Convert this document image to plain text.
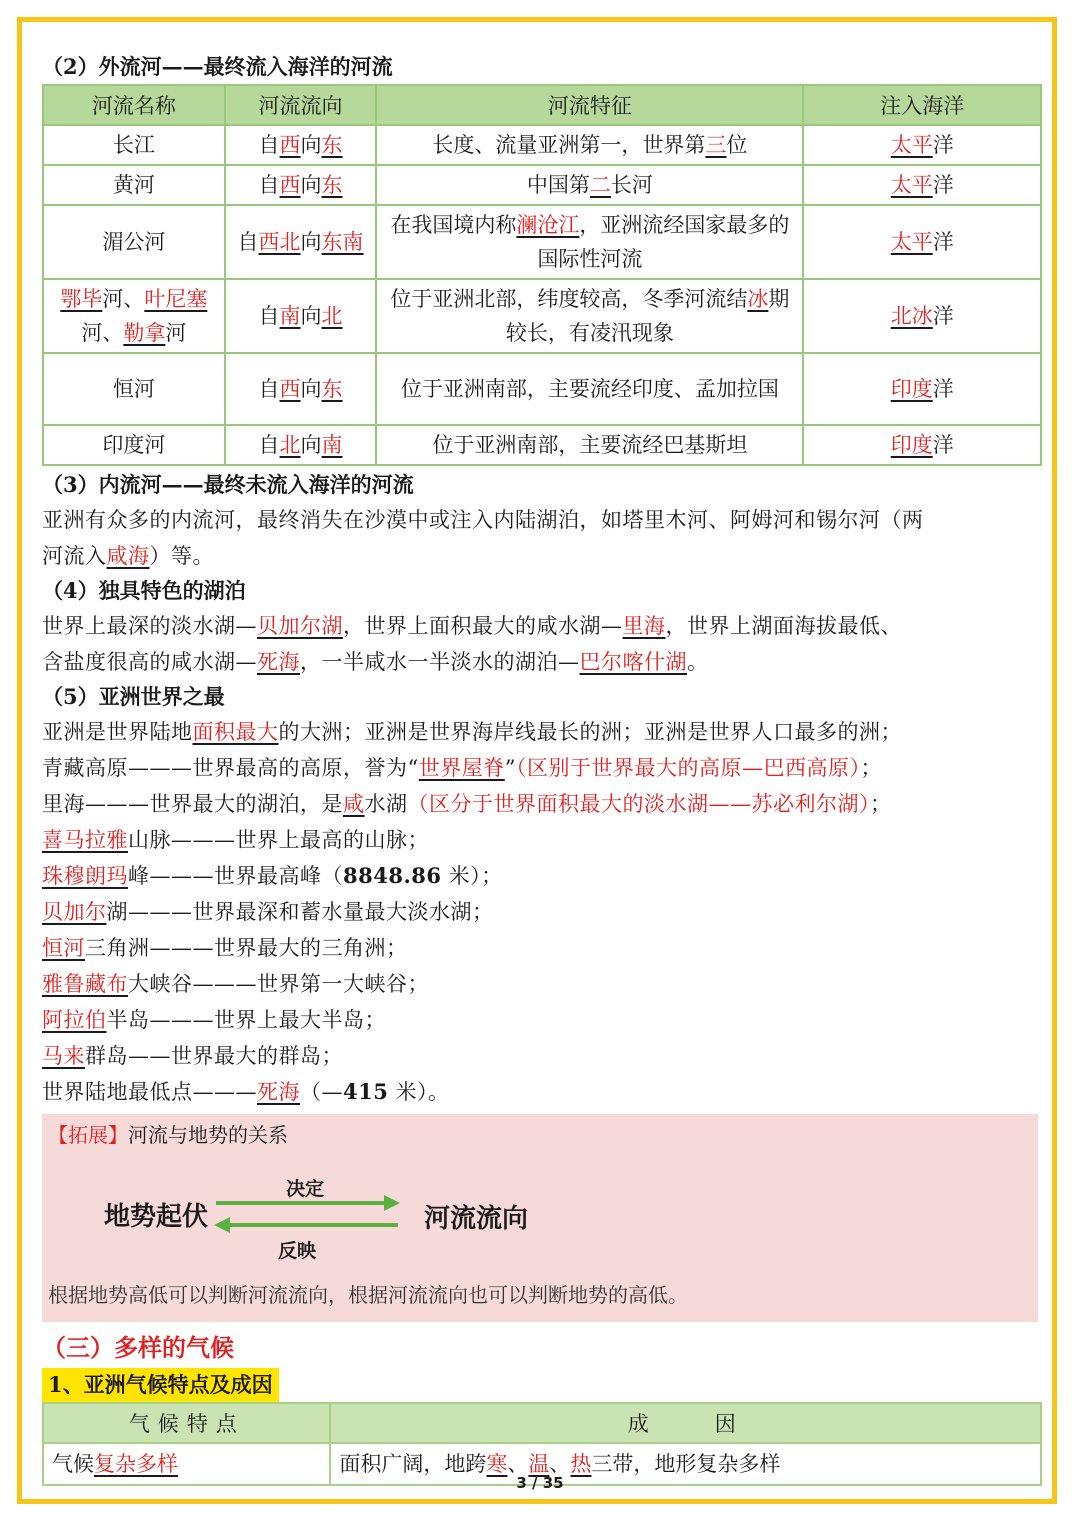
（2）外流河——最终流入海洋的河流
河流名称	河流流向	河流特征	注入海洋
长江	自西向东	长度、流量亚洲第一，世界第三位	太平洋
黄河	自西向东	中国第二长河	太平洋
湄公河	自西北向东南	在我国境内称澜沧江，亚洲流经国家最多的国际性河流	太平洋
鄂毕河、叶尼塞
河、勒拿河	自南向北	位于亚洲北部，纬度较高，冬季河流结冰期较长，有凌汛现象	北冰洋
恒河	自西向东	位于亚洲南部，主要流经印度、孟加拉国	印度洋
印度河	自北向南	位于亚洲南部，主要流经巴基斯坦	印度洋
（3）内流河——最终未流入海洋的河流
亚洲有众多的内流河，最终消失在沙漠中或注入内陆湖泊，如塔里木河、阿姆河和锡尔河（两
河流入咸海）等。
（4）独具特色的湖泊
世界上最深的淡水湖—贝加尔湖，世界上面积最大的咸水湖—里海，世界上湖面海拔最低、
含盐度很高的咸水湖—死海，一半咸水一半淡水的湖泊—巴尔喀什湖。
（5）亚洲世界之最
亚洲是世界陆地面积最大的大洲；亚洲是世界海岸线最长的洲；亚洲是世界人口最多的洲；
青藏高原———世界最高的高原，誉为“世界屋脊”（区别于世界最大的高原—巴西高原）；
里海———世界最大的湖泊，是咸水湖（区分于世界面积最大的淡水湖——苏必利尔湖）；
喜马拉雅山脉———世界上最高的山脉；
珠穆朗玛峰———世界最高峰（8848.86 米）；
贝加尔湖———世界最深和蓄水量最大淡水湖；
恒河三角洲———世界最大的三角洲；
雅鲁藏布大峡谷———世界第一大峡谷；
阿拉伯半岛———世界上最大半岛；
马来群岛——世界最大的群岛；
世界陆地最低点———死海（—415 米）。
【拓展】河流与地势的关系
地势起伏
决定
反映
河流流向
根据地势高低可以判断河流流向，根据河流流向也可以判断地势的高低。
（三）多样的气候
1、亚洲气候特点及成因
气候特点	成　　因
气候复杂多样	面积广阔，地跨寒、温、热三带，地形复杂多样
3 / 35
